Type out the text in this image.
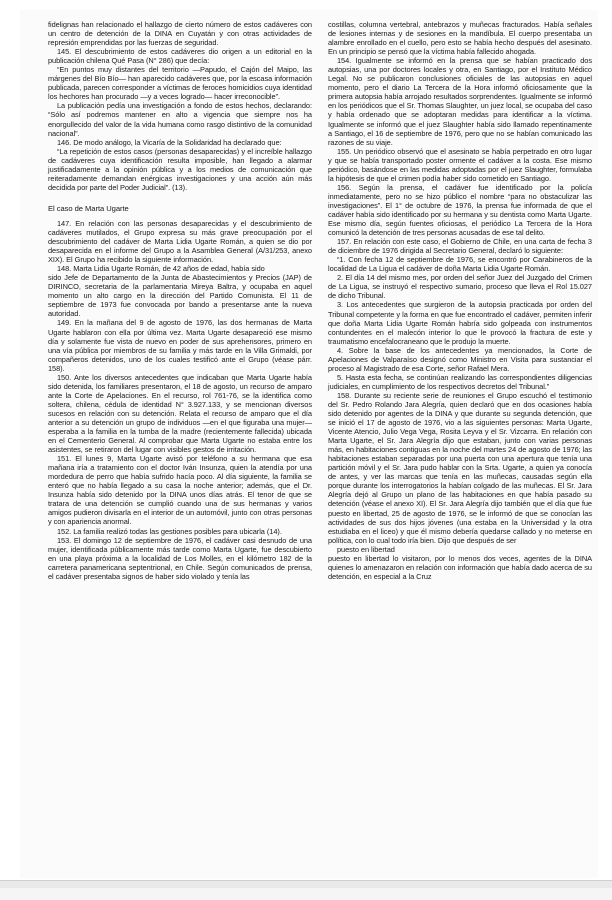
fidelignas han relacionado el hallazgo de cierto número de estos cadáveres con un centro de detención de la DINA en Cuyatán y con otras actividades de represión emprendidas por las fuerzas de seguridad.

145. El descubrimiento de estos cadáveres dio origen a un editorial en la publicación chilena Qué Pasa (N° 286) que decía:

“En puntos muy distantes del territorio —Papudo, el Cajón del Maipo, las márgenes del Bío Bío— han aparecido cadáveres que, por la escasa información publicada, parecen corresponder a víctimas de feroces homicidios cuya identidad los hechores han procurado —y a veces logrado— hacer irreconocible”.

La publicación pedía una investigación a fondo de estos hechos, declarando: “Sólo así podremos mantener en alto a vigencia que siempre nos ha enorgullecido del valor de la vida humana como rasgo distintivo de la comunidad nacional”.

146. De modo análogo, la Vicaría de la Solidaridad ha declarado que:

“La repetición de estos casos (personas desaparecidas) y el increíble hallazgo de cadáveres cuya identificación resulta imposible, han llegado a alarmar justificadamente a la opinión pública y a los medios de comunicación que reiteradamente demandan enérgicas investigaciones y una acción aún más decidida por parte del Poder Judicial”. (13).

El caso de Marta Ugarte

147. En relación con las personas desaparecidas y el descubrimiento de cadáveres mutilados, el Grupo expresa su más grave preocupación por el descubrimiento del cadáver de Marta Lidia Ugarte Román, a quien se dio por desaparecida en el informe del Grupo a la Asamblea General (A/31/253, anexo XIX). El Grupo ha recibido la siguiente información.

148. Marta Lidia Ugarte Román, de 42 años de edad, había sido

sido Jefe de Departamento de la Junta de Abastecimientos y Precios (JAP) de DIRINCO, secretaria de la parlamentaria Mireya Baltra, y ocupaba en aquel momento un alto cargo en la dirección del Partido Comunista. El 11 de septiembre de 1973 fue convocada por bando a presentarse ante la nueva autoridad.

149. En la mañana del 9 de agosto de 1976, las dos hermanas de Marta Ugarte hablaron con ella por última vez. Marta Ugarte desapareció ese mismo día y solamente fue vista de nuevo en poder de sus aprehensores, primero en una vía pública por miembros de su familia y más tarde en la Villa Grimaldi, por compañeros detenidos, uno de los cuales testificó ante el Grupo (véase párr. 158).

150. Ante los diversos antecedentes que indicaban que Marta Ugarte había sido detenida, los familiares presentaron, el 18 de agosto, un recurso de amparo ante la Corte de Apelaciones. En el recurso, rol 761-76, se la identifica como soltera, chilena, cédula de identidad N° 3.927.133, y se mencionan diversos sucesos en relación con su detención. Relata el recurso de amparo que el día anterior a su detención un grupo de individuos —en el que figuraba una mujer— esperaba a la familia en la tumba de la madre (recientemente fallecida) ubicada en el Cementerio General. Al comprobar que Marta Ugarte no estaba entre los asistentes, se retiraron del lugar con visibles gestos de irritación.

151. El lunes 9, Marta Ugarte avisó por teléfono a su hermana que esa mañana iría a tratamiento con el doctor Iván Insunza, quien la atendía por una mordedura de perro que había sufrido hacía poco. Al día siguiente, la familia se enteró que no había llegado a su casa la noche anterior; además, que el Dr. Insunza había sido detenido por la DINA unos días atrás. El tenor de que se tratara de una detención se cumplió cuando una de sus hermanas y varios amigos pudieron divisarla en el interior de un automóvil, junto con otras personas y con apariencia anormal.

152. La familia realizó todas las gestiones posibles para ubicarla (14).

153. El domingo 12 de septiembre de 1976, el cadáver casi desnudo de una mujer, identificada públicamente más tarde como Marta Ugarte, fue descubierto en una playa próxima a la localidad de Los Molles, en el kilómetro 182 de la carretera panamericana septentrional, en Chile. Según comunicados de prensa, el cadáver presentaba signos de haber sido violado y tenía las

costillas, columna vertebral, antebrazos y muñecas fracturados. Había señales de lesiones internas y de sesiones en la mandíbula. El cuerpo presentaba un alambre enrollado en el cuello, pero esto se había hecho después del asesinato. En un principio se pensó que la víctima había fallecido ahogada.

154. Igualmente se informó en la prensa que se habían practicado dos autopsias, una por doctores locales y otra, en Santiago, por el Instituto Médico Legal. No se publicaron conclusiones oficiales de las autopsias en aquel momento, pero el diario La Tercera de la Hora informó oficiosamente que la primera autopsia había arrojado resultados sorprendentes. Igualmente se informó en los periódicos que el Sr. Thomas Slaughter, un juez local, se ocupaba del caso y había ordenado que se adoptaran medidas para identificar a la víctima. Igualmente se informó que el juez Slaughter había sido llamado repentinamente a Santiago, el 16 de septiembre de 1976, pero que no se habían comunicado las razones de su viaje.

155. Un periódico observó que el asesinato se había perpetrado en otro lugar y que se había transportado poster ormente el cadáver a la costa. Ese mismo periódico, basándose en las medidas adoptadas por el juez Slaughter, formulaba la hipótesis de que el crimen podía haber sido cometido en Santiago.

156. Según la prensa, el cadáver fue identificado por la policía inmediatamente, pero no se hizo público el nombre “para no obstaculizar las investigaciones”. El 1° de octubre de 1976, la prensa fue informada de que el cadáver había sido identificado por su hermana y su dentista como Marta Ugarte. Ese mismo día, según fuentes oficiosas, el periódico La Tercera de la Hora comunicó la detención de tres personas acusadas de ese tal delito.

157. En relación con este caso, el Gobierno de Chile, en una carta de fecha 3 de diciembre de 1976 dirigida al Secretario General, declaró lo siguiente:

“1. Con fecha 12 de septiembre de 1976, se encontró por Carabineros de la localidad de La Ligua el cadáver de doña Marta Lidia Ugarte Román.

2. El día 14 del mismo mes, por orden del señor Juez del Juzgado del Crimen de La Ligua, se instruyó el respectivo sumario, proceso que lleva el Rol 15.027 de dicho Tribunal.

3. Los antecedentes que surgieron de la autopsia practicada por orden del Tribunal competente y la forma en que fue encontrado el cadáver, permiten inferir que doña Marta Lidia Ugarte Román habría sido golpeada con instrumentos contundentes en el malecón interior lo que le provocó la fractura de este y traumatismo encefalocraneano que le produjo la muerte.

4. Sobre la base de los antecedentes ya mencionados, la Corte de Apelaciones de Valparaíso designó como Ministro en Visita para sustanciar el proceso al Magistrado de esa Corte, señor Rafael Mera.

5. Hasta esta fecha, se continúan realizando las correspondientes diligencias judiciales, en cumplimiento de los respectivos decretos del Tribunal.”

158. Durante su reciente serie de reuniones el Grupo escuchó el testimonio del Sr. Pedro Rolando Jara Alegría, quien declaró que en dos ocasiones había sido detenido por agentes de la DINA y que durante su segunda detención, que se inició el 17 de agosto de 1976, vio a las siguientes personas: Marta Ugarte, Vicente Atencio, Julio Vega Vega, Rosita Leyva y el Sr. Vizcarra. En relación con Marta Ugarte, el Sr. Jara Alegría dijo que estaban, junto con varias personas más, en habitaciones contiguas en la noche del martes 24 de agosto de 1976; las habitaciones estaban separadas por una puerta con una apertura que tenía una partición móvil y el Sr. Jara pudo hablar con la Srta. Ugarte, a quien ya conocía de antes, y ver las marcas que tenía en las muñecas, causadas según ella porque durante los interrogatorios la habían colgado de las muñecas. El Sr. Jara Alegría dejó al Grupo un plano de las habitaciones en que había pasado su detención (véase el anexo XI). El Sr. Jara Alegría dijo también que el día que fue puesto en libertad, 25 de agosto de 1976, se le informó de que se conocían las actividades de sus dos hijos jóvenes (una estaba en la Universidad y la otra estudiaba en el liceo) y que él mismo debería quedarse callado y no meterse en política, con lo cual todo iría bien. Dijo que después de ser

puesto en libertad

puesto en libertad lo visitaron, por lo menos dos veces, agentes de la DINA quienes lo amenazaron en relación con información que había dado acerca de su detención, en especial a la Cruz
